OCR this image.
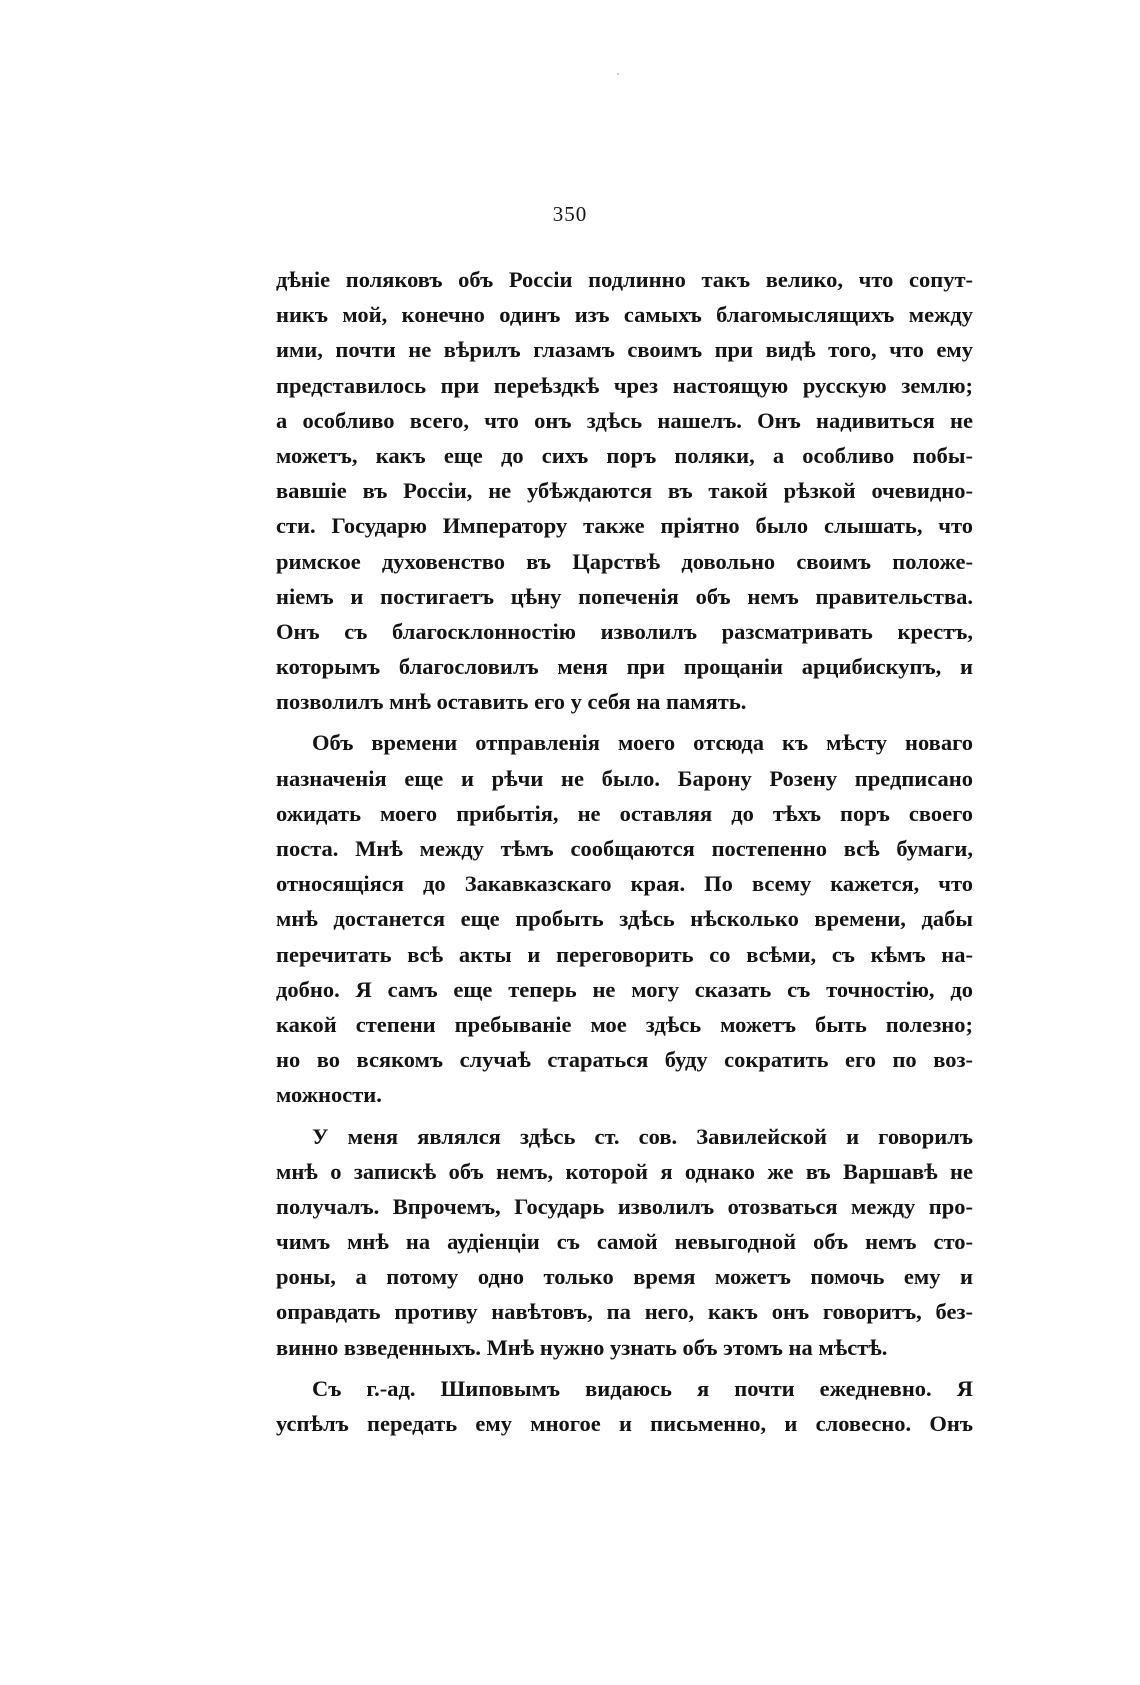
350
дѣніе поляковъ объ Россіи подлинно такъ велико, что сопут-
никъ мой, конечно одинъ изъ самыхъ благомыслящихъ между
ими, почти не вѣрилъ глазамъ своимъ при видѣ того, что ему
представилось при переѣздкѣ чрез настоящую русскую землю;
а особливо всего, что онъ здѣсь нашелъ. Онъ надивиться не
можетъ, какъ еще до сихъ поръ поляки, а особливо побы-
вавшіе въ Россіи, не убѣждаются въ такой рѣзкой очевидно-
сти. Государю Императору также пріятно было слышать, что
римское духовенство въ Царствѣ довольно своимъ положе-
ніемъ и постигаетъ цѣну попеченія объ немъ правительства.
Онъ съ благосклонностію изволилъ разсматривать крестъ,
которымъ благословилъ меня при прощаніи арцибискупъ, и
позволилъ мнѣ оставить его у себя на память.
Объ времени отправленія моего отсюда къ мѣсту новаго
назначенія еще и рѣчи не было. Барону Розену предписано
ожидать моего прибытія, не оставляя до тѣхъ поръ своего
поста. Мнѣ между тѣмъ сообщаются постепенно всѣ бумаги,
относящіяся до Закавказскаго края. По всему кажется, что
мнѣ достанется еще пробыть здѣсь нѣсколько времени, дабы
перечитать всѣ акты и переговорить со всѣми, съ кѣмъ на-
добно. Я самъ еще теперь не могу сказать съ точностію, до
какой степени пребываніе мое здѣсь можетъ быть полезно;
но во всякомъ случаѣ стараться буду сократить его по воз-
можности.
У меня являлся здѣсь ст. сов. Завилейской и говорилъ
мнѣ о запискѣ объ немъ, которой я однако же въ Варшавѣ не
получалъ. Впрочемъ, Государь изволилъ отозваться между про-
чимъ мнѣ на аудіенціи съ самой невыгодной объ немъ сто-
роны, а потому одно только время можетъ помочь ему и
оправдать противу навѣтовъ, па него, какъ онъ говоритъ, без-
винно взведенныхъ. Мнѣ нужно узнать объ этомъ на мѣстѣ.
Съ г.-ад. Шиповымъ видаюсь я почти ежедневно. Я
успѣлъ передать ему многое и письменно, и словесно. Онъ
